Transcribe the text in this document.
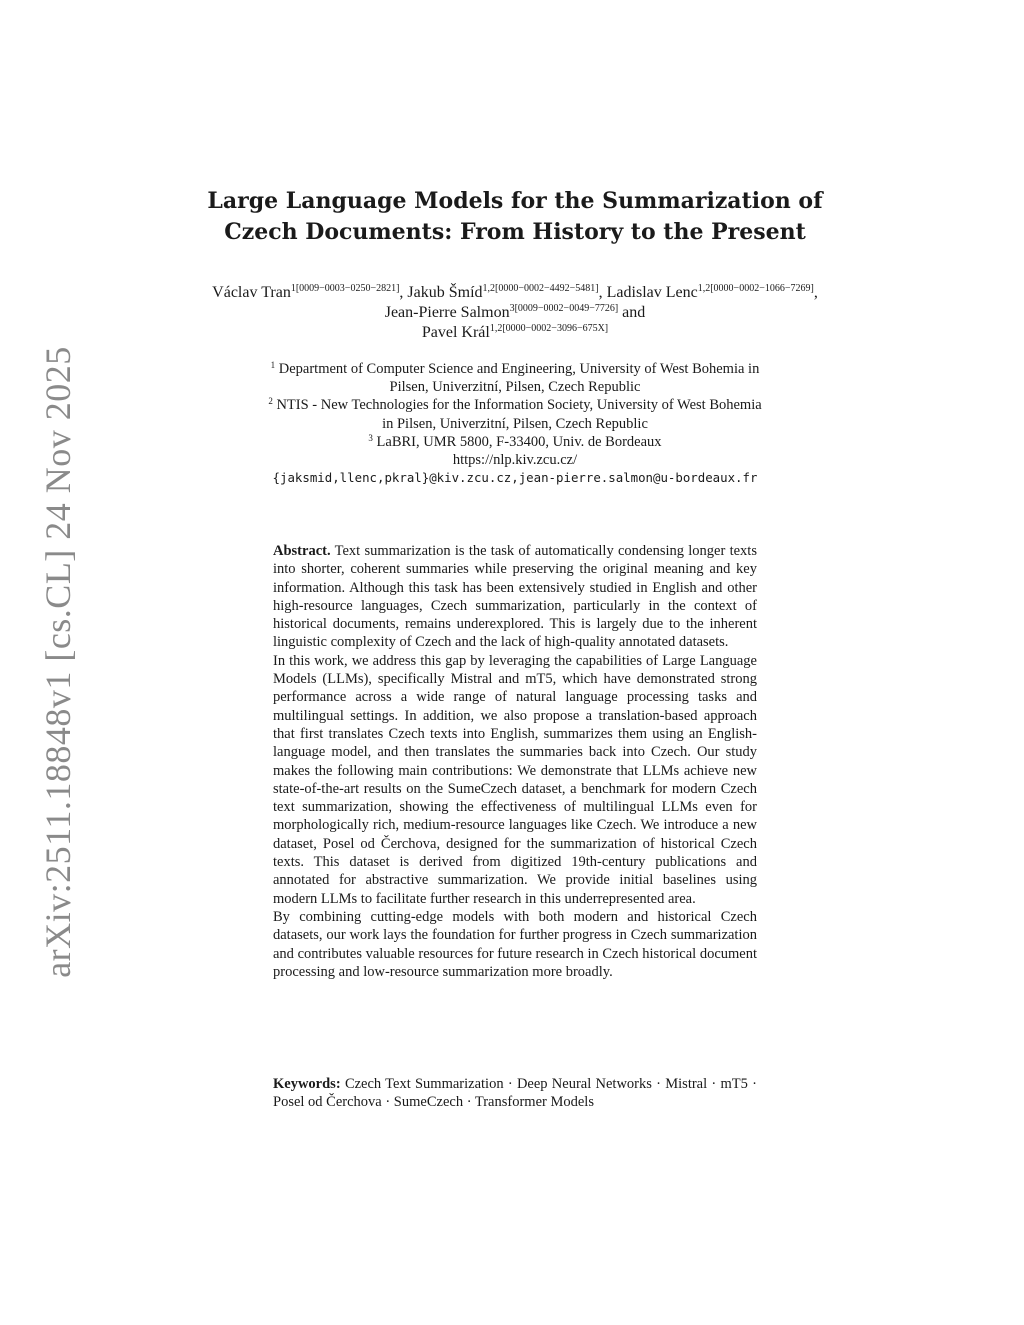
arXiv:2511.18848v1 [cs.CL] 24 Nov 2025
Large Language Models for the Summarization of
Czech Documents: From History to the Present
Václav Tran$^{1[0009-0003-0250-2821]}$, Jakub Šmíd$^{1,2[0000-0002-4492-5481]}$, Ladislav Lenc$^{1,2[0000-0002-1066-7269]}$, Jean-Pierre Salmon$^{3[0009-0002-0049-7726]}$ and
Pavel Král$^{1,2[0000-0002-3096-675X]}$
$^1$ Department of Computer Science and Engineering, University of West Bohemia in
Pilsen, Univerzitní, Pilsen, Czech Republic
$^2$ NTIS - New Technologies for the Information Society, University of West Bohemia
in Pilsen, Univerzitní, Pilsen, Czech Republic
$^3$ LaBRI, UMR 5800, F-33400, Univ. de Bordeaux
https://nlp.kiv.zcu.cz/
{jaksmid,llenc,pkral}@kiv.zcu.cz,jean-pierre.salmon@u-bordeaux.fr

Abstract. Text summarization is the task of automatically condensing longer texts into shorter, coherent summaries while preserving the original meaning and key information. Although this task has been extensively studied in English and other high-resource languages, Czech summarization, particularly in the context of historical documents, remains underexplored. This is largely due to the inherent linguistic complexity of Czech and the lack of high-quality annotated datasets.

In this work, we address this gap by leveraging the capabilities of Large Language Models (LLMs), specifically Mistral and mT5, which have demonstrated strong performance across a wide range of natural language processing tasks and multilingual settings. In addition, we also propose a translation-based approach that first translates Czech texts into English, summarizes them using an English-language model, and then translates the summaries back into Czech. Our study makes the following main contributions: We demonstrate that LLMs achieve new state-of-the-art results on the SumeCzech dataset, a benchmark for modern Czech text summarization, showing the effectiveness of multilingual LLMs even for morphologically rich, medium-resource languages like Czech. We introduce a new dataset, Posel od Čerchova, designed for the summarization of historical Czech texts. This dataset is derived from digitized 19th-century publications and annotated for abstractive summarization. We provide initial baselines using modern LLMs to facilitate further research in this underrepresented area.

By combining cutting-edge models with both modern and historical Czech datasets, our work lays the foundation for further progress in Czech summarization and contributes valuable resources for future research in Czech historical document processing and low-resource summarization more broadly.

Keywords: Czech Text Summarization · Deep Neural Networks · Mistral · mT5 · Posel od Čerchova · SumeCzech · Transformer Models
